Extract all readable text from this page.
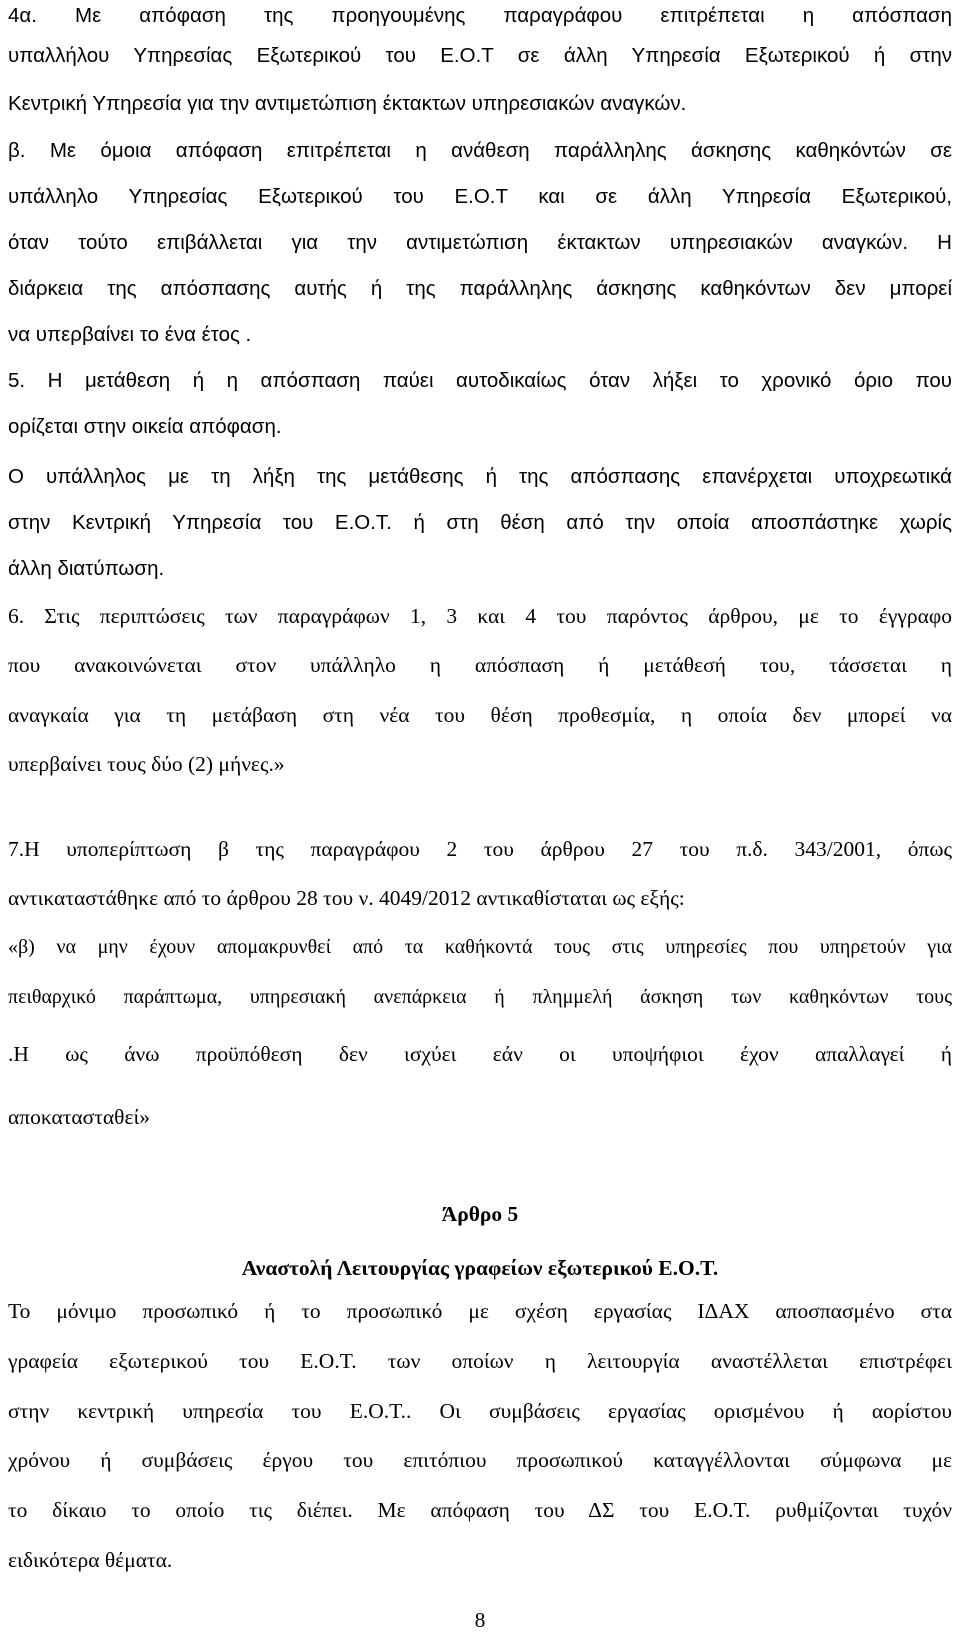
4α. Με απόφαση της προηγουμένης παραγράφου επιτρέπεται η απόσπαση
υπαλλήλου Υπηρεσίας Εξωτερικού του Ε.Ο.Τ σε άλλη Υπηρεσία Εξωτερικού ή στην
Κεντρική Υπηρεσία για την αντιμετώπιση έκτακτων υπηρεσιακών αναγκών.
β. Με όμοια απόφαση επιτρέπεται η ανάθεση παράλληλης άσκησης καθηκόντών σε
υπάλληλο Υπηρεσίας Εξωτερικού του Ε.Ο.Τ και σε άλλη Υπηρεσία Εξωτερικού,
όταν τούτο επιβάλλεται για την αντιμετώπιση έκτακτων υπηρεσιακών αναγκών. Η
διάρκεια της απόσπασης αυτής ή της παράλληλης άσκησης καθηκόντων δεν μπορεί
να υπερβαίνει το ένα έτος .
5. Η μετάθεση ή η απόσπαση παύει αυτοδικαίως όταν λήξει το χρονικό όριο που
ορίζεται στην οικεία απόφαση.
Ο υπάλληλος με τη λήξη της μετάθεσης ή της απόσπασης επανέρχεται υποχρεωτικά
στην Κεντρική Υπηρεσία του Ε.Ο.Τ. ή στη θέση από την οποία αποσπάστηκε χωρίς
άλλη διατύπωση.
6. Στις περιπτώσεις των παραγράφων 1, 3 και 4 του παρόντος άρθρου, με το έγγραφο
που ανακοινώνεται στον υπάλληλο η απόσπαση ή μετάθεσή του, τάσσεται η
αναγκαία για τη μετάβαση στη νέα του θέση προθεσμία, η οποία δεν μπορεί να
υπερβαίνει τους δύο (2) μήνες.»
7.Η υποπερίπτωση β της παραγράφου 2 του άρθρου 27 του π.δ. 343/2001, όπως
αντικαταστάθηκε από το άρθρου 28 του ν. 4049/2012 αντικαθίσταται ως εξής:
«β) να μην έχουν απομακρυνθεί από τα καθήκοντά τους στις υπηρεσίες που υπηρετούν για
πειθαρχικό παράπτωμα, υπηρεσιακή ανεπάρκεια ή πλημμελή άσκηση των καθηκόντων τους
.Η ως άνω προϋπόθεση δεν ισχύει εάν οι υποψήφιοι έχον απαλλαγεί ή
αποκατασταθεί»
Άρθρο 5
Αναστολή Λειτουργίας γραφείων εξωτερικού Ε.Ο.Τ.
Το μόνιμο προσωπικό ή το προσωπικό με σχέση εργασίας ΙΔΑΧ αποσπασμένο στα
γραφεία εξωτερικού του Ε.Ο.Τ. των οποίων η λειτουργία αναστέλλεται επιστρέφει
στην κεντρική υπηρεσία του Ε.Ο.Τ.. Οι συμβάσεις εργασίας ορισμένου ή αορίστου
χρόνου ή συμβάσεις έργου του επιτόπιου προσωπικού καταγγέλλονται σύμφωνα με
το δίκαιο το οποίο τις διέπει. Με απόφαση του ΔΣ του Ε.Ο.Τ. ρυθμίζονται τυχόν
ειδικότερα θέματα.
8
